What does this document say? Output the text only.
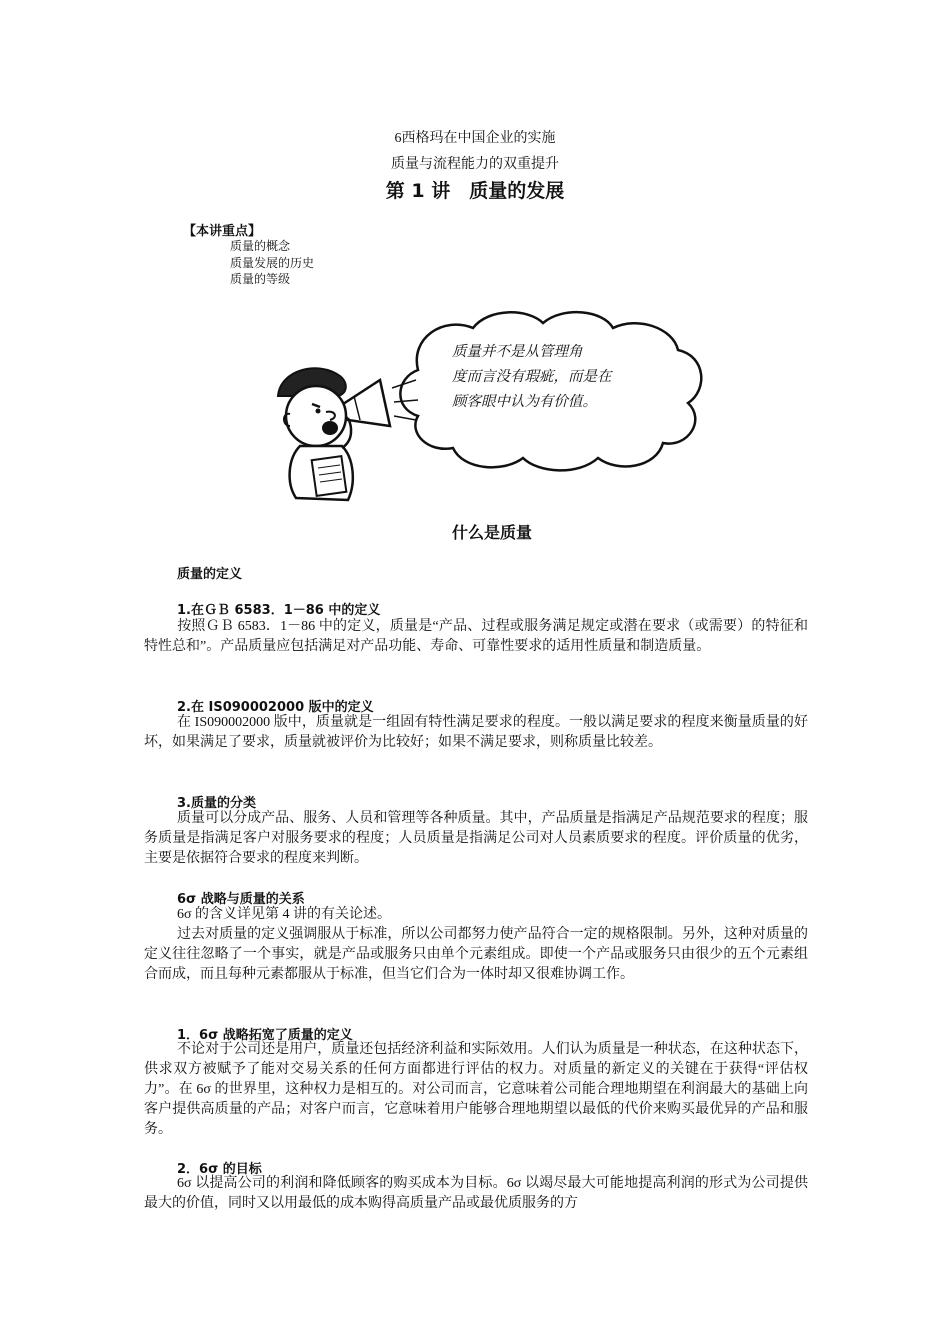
6西格玛在中国企业的实施
质量与流程能力的双重提升
第 1 讲　质量的发展
【本讲重点】
质量的概念
质量发展的历史
质量的等级
质量并不是从管理角
度而言没有瑕疵，而是在
顾客眼中认为有价值。
什么是质量
质量的定义
1.在ＧＢ 6583．1－86 中的定义
按照ＧＢ 6583．1－86 中的定义，质量是“产品、过程或服务满足规定或潜在要求（或需要）的特征和特性总和”。产品质量应包括满足对产品功能、寿命、可靠性要求的适用性质量和制造质量。
2.在 IS090002000 版中的定义
在 IS090002000 版中，质量就是一组固有特性满足要求的程度。一般以满足要求的程度来衡量质量的好坏，如果满足了要求，质量就被评价为比较好；如果不满足要求，则称质量比较差。
3.质量的分类
质量可以分成产品、服务、人员和管理等各种质量。其中，产品质量是指满足产品规范要求的程度；服务质量是指满足客户对服务要求的程度；人员质量是指满足公司对人员素质要求的程度。评价质量的优劣，主要是依据符合要求的程度来判断。
6σ 战略与质量的关系
6σ 的含义详见第 4 讲的有关论述。
过去对质量的定义强调服从于标准，所以公司都努力使产品符合一定的规格限制。另外，这种对质量的定义往往忽略了一个事实，就是产品或服务只由单个元素组成。即使一个产品或服务只由很少的五个元素组合而成，而且每种元素都服从于标准，但当它们合为一体时却又很难协调工作。
1．6σ 战略拓宽了质量的定义
不论对于公司还是用户，质量还包括经济利益和实际效用。人们认为质量是一种状态，在这种状态下，供求双方被赋予了能对交易关系的任何方面都进行评估的权力。对质量的新定义的关键在于获得“评估权力”。在 6σ 的世界里，这种权力是相互的。对公司而言，它意味着公司能合理地期望在利润最大的基础上向客户提供高质量的产品；对客户而言，它意味着用户能够合理地期望以最低的代价来购买最优异的产品和服务。
2．6σ 的目标
6σ 以提高公司的利润和降低顾客的购买成本为目标。6σ 以竭尽最大可能地提高利润的形式为公司提供最大的价值，同时又以用最低的成本购得高质量产品或最优质服务的方
